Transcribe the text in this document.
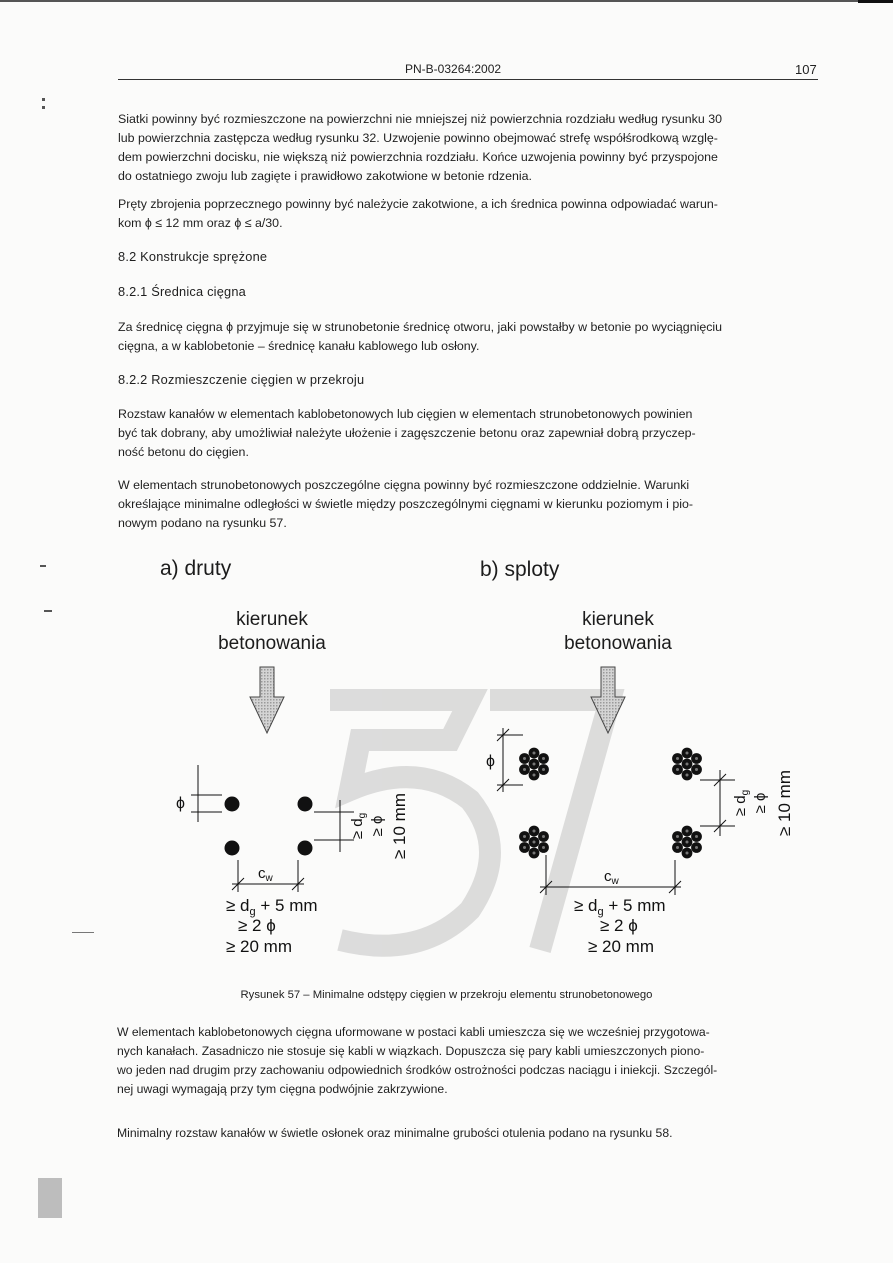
PN-B-03264:2002	107
Siatki powinny być rozmieszczone na powierzchni nie mniejszej niż powierzchnia rozdziału według rysunku 30
lub powierzchnia zastępcza według rysunku 32. Uzwojenie powinno obejmować strefę współśrodkową wzglę-
dem powierzchni docisku, nie większą niż powierzchnia rozdziału. Końce uzwojenia powinny być przyspojone
do ostatniego zwoju lub zagięte i prawidłowo zakotwione w betonie rdzenia.
Pręty zbrojenia poprzecznego powinny być należycie zakotwione, a ich średnica powinna odpowiadać warun-
kom ϕ ≤ 12 mm oraz ϕ ≤ a/30.
8.2 Konstrukcje sprężone
8.2.1 Średnica cięgna
Za średnicę cięgna ϕ przyjmuje się w strunobetonie średnicę otworu, jaki powstałby w betonie po wyciągnięciu
cięgna, a w kablobetonie – średnicę kanału kablowego lub osłony.
8.2.2 Rozmieszczenie cięgien w przekroju
Rozstaw kanałów w elementach kablobetonowych lub cięgien w elementach strunobetonowych powinien
być tak dobrany, aby umożliwiał należyte ułożenie i zagęszczenie betonu oraz zapewniał dobrą przyczep-
ność betonu do cięgien.
W elementach strunobetonowych poszczególne cięgna powinny być rozmieszczone oddzielnie. Warunki
określające minimalne odległości w świetle między poszczególnymi cięgnami w kierunku poziomym i pio-
nowym podano na rysunku 57.
a) druty	b) sploty
kierunek
betonowania
kierunek
betonowania
ϕ
≥ $d_g \ge \phi \ge 10$ mm
$c_w$
≥ $d_g + 5$ mm
≥ 2 ϕ
≥ 20 mm
ϕ
≥ $d_g \ge \phi \ge 10$ mm
$c_w$
≥ $d_g + 5$ mm
≥ 2 ϕ
≥ 20 mm
Rysunek 57 – Minimalne odstępy cięgien w przekroju elementu strunobetonowego
W elementach kablobetonowych cięgna uformowane w postaci kabli umieszcza się we wcześniej przygotowa-
nych kanałach. Zasadniczo nie stosuje się kabli w wiązkach. Dopuszcza się pary kabli umieszczonych piono-
wo jeden nad drugim przy zachowaniu odpowiednich środków ostrożności podczas naciągu i iniekcji. Szczegól-
nej uwagi wymagają przy tym cięgna podwójnie zakrzywione.
Minimalny rozstaw kanałów w świetle osłonek oraz minimalne grubości otulenia podano na rysunku 58.
